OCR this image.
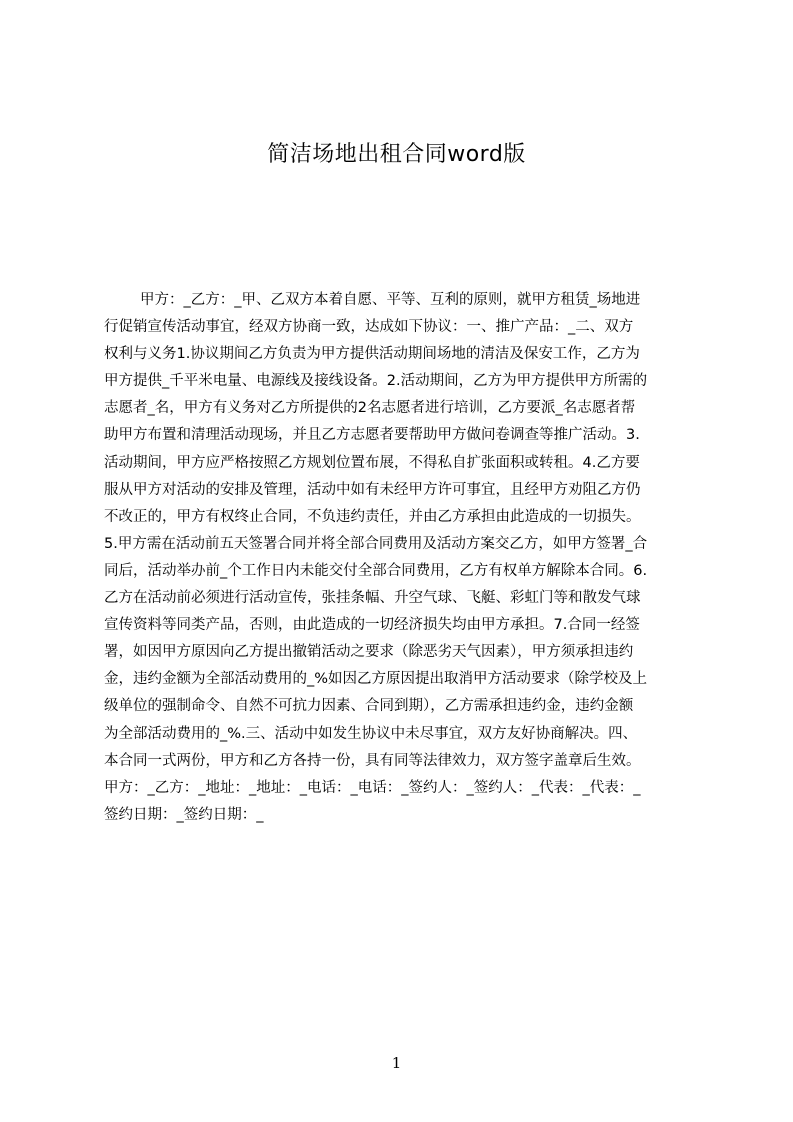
简洁场地出租合同word版
甲方：_乙方：_甲、乙双方本着自愿、平等、互利的原则，就甲方租赁_场地进
行促销宣传活动事宜，经双方协商一致，达成如下协议：一、推广产品：_二、双方
权利与义务1.协议期间乙方负责为甲方提供活动期间场地的清洁及保安工作，乙方为
甲方提供_千平米电量、电源线及接线设备。2.活动期间，乙方为甲方提供甲方所需的
志愿者_名，甲方有义务对乙方所提供的2名志愿者进行培训，乙方要派_名志愿者帮
助甲方布置和清理活动现场，并且乙方志愿者要帮助甲方做问卷调查等推广活动。3.
活动期间，甲方应严格按照乙方规划位置布展，不得私自扩张面积或转租。4.乙方要
服从甲方对活动的安排及管理，活动中如有未经甲方许可事宜，且经甲方劝阻乙方仍
不改正的，甲方有权终止合同，不负违约责任，并由乙方承担由此造成的一切损失。
5.甲方需在活动前五天签署合同并将全部合同费用及活动方案交乙方，如甲方签署_合
同后，活动举办前_个工作日内未能交付全部合同费用，乙方有权单方解除本合同。6.
乙方在活动前必须进行活动宣传，张挂条幅、升空气球、飞艇、彩虹门等和散发气球
宣传资料等同类产品，否则，由此造成的一切经济损失均由甲方承担。7.合同一经签
署，如因甲方原因向乙方提出撤销活动之要求（除恶劣天气因素），甲方须承担违约
金，违约金额为全部活动费用的_%如因乙方原因提出取消甲方活动要求（除学校及上
级单位的强制命令、自然不可抗力因素、合同到期），乙方需承担违约金，违约金额
为全部活动费用的_%.三、活动中如发生协议中未尽事宜，双方友好协商解决。四、
本合同一式两份，甲方和乙方各持一份，具有同等法律效力，双方签字盖章后生效。
甲方：_乙方：_地址：_地址：_电话：_电话：_签约人：_签约人：_代表：_代表：_
签约日期：_签约日期：_
1
